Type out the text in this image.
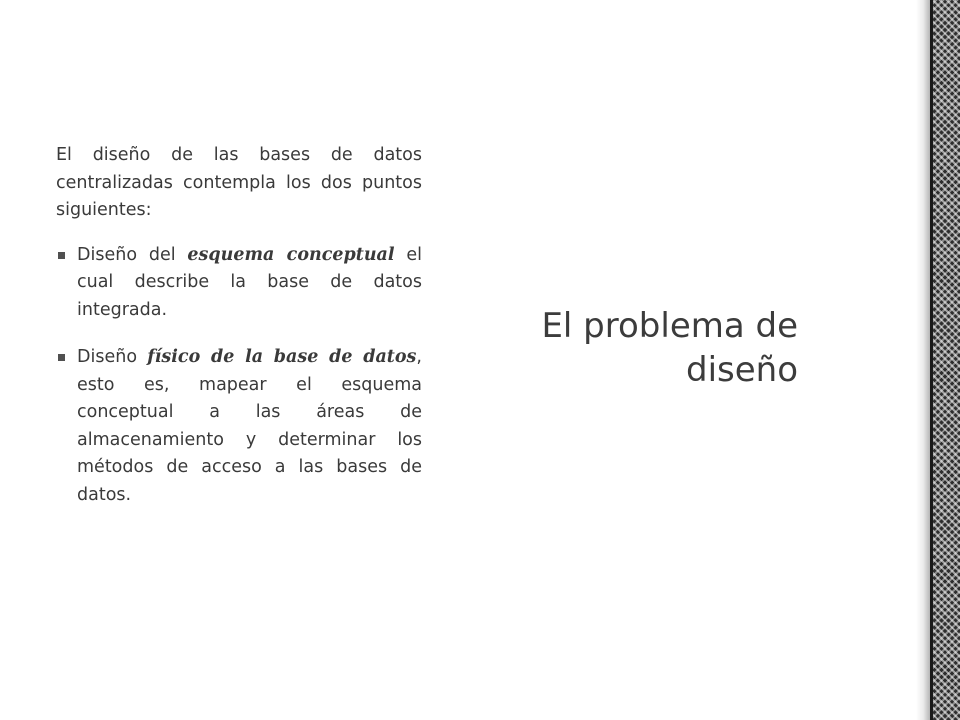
El diseño de las bases de datos centralizadas contempla los dos puntos siguientes:

Diseño del esquema conceptual el cual describe la base de datos integrada.
Diseño físico de la base de datos, esto es, mapear el esquema conceptual a las áreas de almacenamiento y determinar los métodos de acceso a las bases de datos.
El problema de diseño
